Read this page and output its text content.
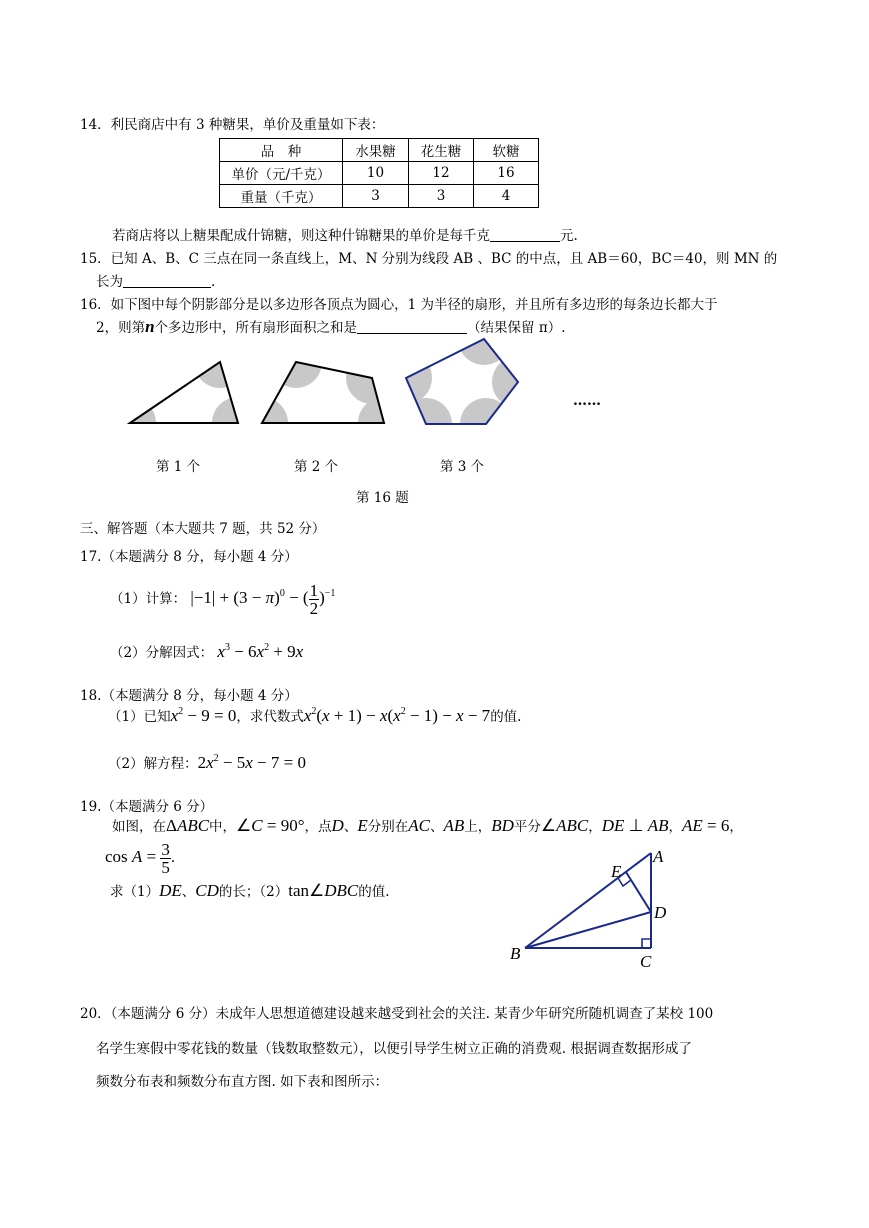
14．利民商店中有 3 种糖果，单价及重量如下表：
品　种	水果糖	花生糖	软糖
单价（元/千克）	10	12	16
重量（千克）	3	3	4
若商店将以上糖果配成什锦糖，则这种什锦糖果的单价是每千克	元.
15．已知 A、B、C 三点在同一条直线上，M、N 分别为线段 AB 、BC 的中点，且 AB＝60，BC＝40，则 MN 的
长为	.
16．如下图中每个阴影部分是以多边形各顶点为圆心，1 为半径的扇形，并且所有多边形的每条边长都大于
2，则第n个多边形中，所有扇形面积之和是	（结果保留 π）.
……
第 1 个	第 2 个	第 3 个
第 16 题
三、解答题（本大题共 7 题，共 52 分）
17.（本题满分 8 分，每小题 4 分）
（1）计算： $|-1| + (3 - \pi)^0$ − ( $\frac{1}{2} )^{-1}$
（2）分解因式： $x^3 - 6x^2 + 9x$
18.（本题满分 8 分，每小题 4 分）
（1）已知$x^2 - 9 = 0$，求代数式$x^2(x + 1) - x(x^2 - 1) - x - 7$的值.
（2）解方程：$2x^2 - 5x - 7 = 0$
19.（本题满分 6 分）
如图，在ΔABC中，∠C = 90°，点D、E分别在AC、AB上，BD平分∠ABC，DE ⊥ AB，AE = 6，
$\cos A = \frac{3}{5}$ .
求（1）DE、CD的长；（2）tan∠DBC的值.
A
E
D
B	C
20．（本题满分 6 分）未成年人思想道德建设越来越受到社会的关注. 某青少年研究所随机调查了某校 100
名学生寒假中零花钱的数量（钱数取整数元），以便引导学生树立正确的消费观. 根据调查数据形成了
频数分布表和频数分布直方图. 如下表和图所示：
